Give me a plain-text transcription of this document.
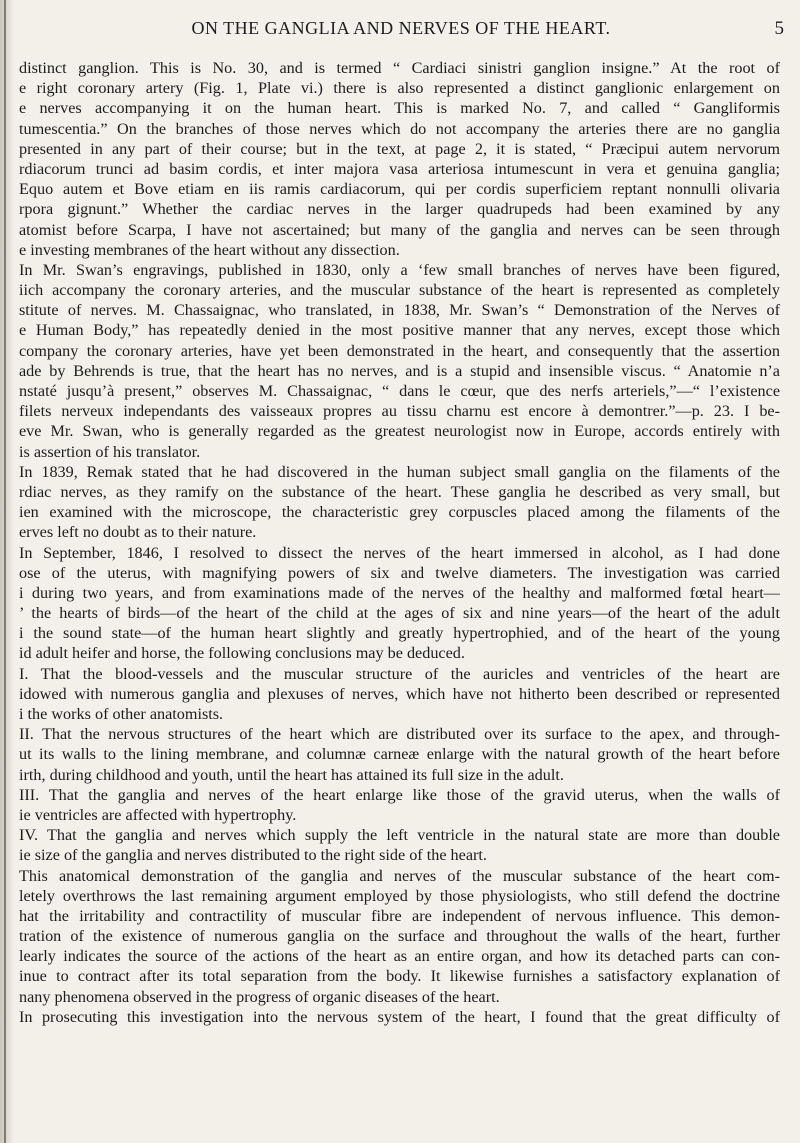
ON THE GANGLIA AND NERVES OF THE HEART.	5
distinct ganglion. This is No. 30, and is termed “ Cardiaci sinistri ganglion insigne.” At the root of
e right coronary artery (Fig. 1, Plate vi.) there is also represented a distinct ganglionic enlargement on
e nerves accompanying it on the human heart. This is marked No. 7, and called “ Gangliformis
tumescentia.” On the branches of those nerves which do not accompany the arteries there are no ganglia
presented in any part of their course; but in the text, at page 2, it is stated, “ Præcipui autem nervorum
rdiacorum trunci ad basim cordis, et inter majora vasa arteriosa intumescunt in vera et genuina ganglia;
Equo autem et Bove etiam en iis ramis cardiacorum, qui per cordis superficiem reptant nonnulli olivaria
rpora gignunt.” Whether the cardiac nerves in the larger quadrupeds had been examined by any
atomist before Scarpa, I have not ascertained; but many of the ganglia and nerves can be seen through
e investing membranes of the heart without any dissection.
In Mr. Swan’s engravings, published in 1830, only a ‘few small branches of nerves have been figured,
iich accompany the coronary arteries, and the muscular substance of the heart is represented as completely
stitute of nerves. M. Chassaignac, who translated, in 1838, Mr. Swan’s “ Demonstration of the Nerves of
e Human Body,” has repeatedly denied in the most positive manner that any nerves, except those which
company the coronary arteries, have yet been demonstrated in the heart, and consequently that the assertion
ade by Behrends is true, that the heart has no nerves, and is a stupid and insensible viscus. “ Anatomie n’a
nstaté jusqu’à present,” observes M. Chassaignac, “ dans le cœur, que des nerfs arteriels,”—“ l’existence
filets nerveux independants des vaisseaux propres au tissu charnu est encore à demontrer.”—p. 23. I be-
eve Mr. Swan, who is generally regarded as the greatest neurologist now in Europe, accords entirely with
is assertion of his translator.
In 1839, Remak stated that he had discovered in the human subject small ganglia on the filaments of the
rdiac nerves, as they ramify on the substance of the heart. These ganglia he described as very small, but
ien examined with the microscope, the characteristic grey corpuscles placed among the filaments of the
erves left no doubt as to their nature.
In September, 1846, I resolved to dissect the nerves of the heart immersed in alcohol, as I had done
ose of the uterus, with magnifying powers of six and twelve diameters. The investigation was carried
i during two years, and from examinations made of the nerves of the healthy and malformed fœtal heart—
’ the hearts of birds—of the heart of the child at the ages of six and nine years—of the heart of the adult
i the sound state—of the human heart slightly and greatly hypertrophied, and of the heart of the young
id adult heifer and horse, the following conclusions may be deduced.
I. That the blood-vessels and the muscular structure of the auricles and ventricles of the heart are
idowed with numerous ganglia and plexuses of nerves, which have not hitherto been described or represented
i the works of other anatomists.
II. That the nervous structures of the heart which are distributed over its surface to the apex, and through-
ut its walls to the lining membrane, and columnæ carneæ enlarge with the natural growth of the heart before
irth, during childhood and youth, until the heart has attained its full size in the adult.
III. That the ganglia and nerves of the heart enlarge like those of the gravid uterus, when the walls of
ie ventricles are affected with hypertrophy.
IV. That the ganglia and nerves which supply the left ventricle in the natural state are more than double
ie size of the ganglia and nerves distributed to the right side of the heart.
This anatomical demonstration of the ganglia and nerves of the muscular substance of the heart com-
letely overthrows the last remaining argument employed by those physiologists, who still defend the doctrine
hat the irritability and contractility of muscular fibre are independent of nervous influence. This demon-
tration of the existence of numerous ganglia on the surface and throughout the walls of the heart, further
learly indicates the source of the actions of the heart as an entire organ, and how its detached parts can con-
inue to contract after its total separation from the body. It likewise furnishes a satisfactory explanation of
nany phenomena observed in the progress of organic diseases of the heart.
In prosecuting this investigation into the nervous system of the heart, I found that the great difficulty of
